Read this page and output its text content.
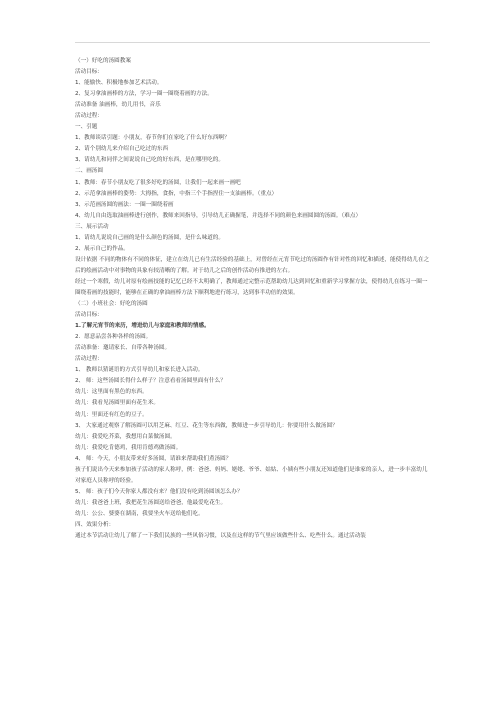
（一）好吃的汤圆教案
活动目标：
1、能愉快、积极地参加艺术活动。
2、复习拿油画棒的方法，学习一圈一圈绕着画的方法。
活动准备 油画棒，幼儿用书，音乐
活动过程：
一、引题
1、教师谈话引题：小朋友，春节你们在家吃了什么好东西啊？
2、请个别幼儿来介绍自己吃过的东西
3、请幼儿和同伴之间说说自己吃的好东西，是在哪里吃的。
二、画汤圆
1、教师：春节小朋友吃了很多好吃的汤圆，让我们一起来画一画吧
2、示范拿油画棒的姿势：大拇指，食指，中指三个手指捏住一支油画棒。（重点）
3、示范画汤圆的画法：一圈一圈绕着画
4、幼儿自由选取油画棒进行创作，教师来回指导，引导幼儿正确握笔，并选择不同的颜色来画圆圆的汤圆。（难点）
三、展示活动
1、请幼儿说说自己画的是什么颜色的汤圆，是什么味道的。
2、展示自己的作品。
设计依据 不同的物体有不同的体征，建立在幼儿已有生活经验的基础上，对曾经在元宵节吃过的汤圆作有针对性的回忆和描述，能使得幼儿在之后的绘画活动中对事物的具象有较清晰的了解。对于幼儿之后的创作活动有推进的左右。
经过一个寒假，幼儿对原有绘画技能的记忆已经不太明确了，教师通过完整示范帮助幼儿达到回忆和重新学习掌握方法，使得幼儿在练习一圈一圈绕着画的技能时，能够在正确的拿油画棒方法下顺利地进行练习，达到事半功倍的效果。
（二）小班社会：好吃的汤圆
活动目标：
1.了解元宵节的来历，增进幼儿与家庭和教师的情感。
2．愿意品尝各种各样的汤圆。
活动准备：邀请家长、自带各种汤圆。
活动过程：
1、 教师以猜谜语的方式引导幼儿和家长进入活动。
2、 师：这些汤圆长得什么样子？注意看看汤圆里面有什么？
幼儿：这里面有黑色的东西。
幼儿：我看见汤圆里面有花生米。
幼儿：里面还有红色的豆子。
3、 大家通过观察了解汤圆可以用芝麻、红豆、花生等东西做，教师进一步引导幼儿：你要用什么做汤圆？
幼儿：我爱吃芥菜，我想用白菜做汤圆。
幼儿：我爱吃肯德鸡，我用肯德鸡做汤圆。
4、 师：今天，小朋友带来好多汤圆，请谁来帮助我们煮汤圆？
孩子们说出今天来参加孩子活动的家人称呼，例：爸爸、妈妈、姥姥、爷爷、姑姑、小姨有些小朋友还知道他们是谁家的亲人，进一步丰富幼儿对家庭人员称呼的经验。
5、 师：孩子们今天你家人都没有来？他们没有吃到汤圆该怎么办？
幼儿：我爸爸上班，我把花生汤圆送给爸爸，他最爱吃花生。
幼儿：公公、婆婆在湖南，我要坐火车送给他们吃。
四、效果分析：
通过本节活动让幼儿了解了一下我们民族的一些风俗习惯，以及在这样的节气里应该做些什么、吃些什么。通过活动装
